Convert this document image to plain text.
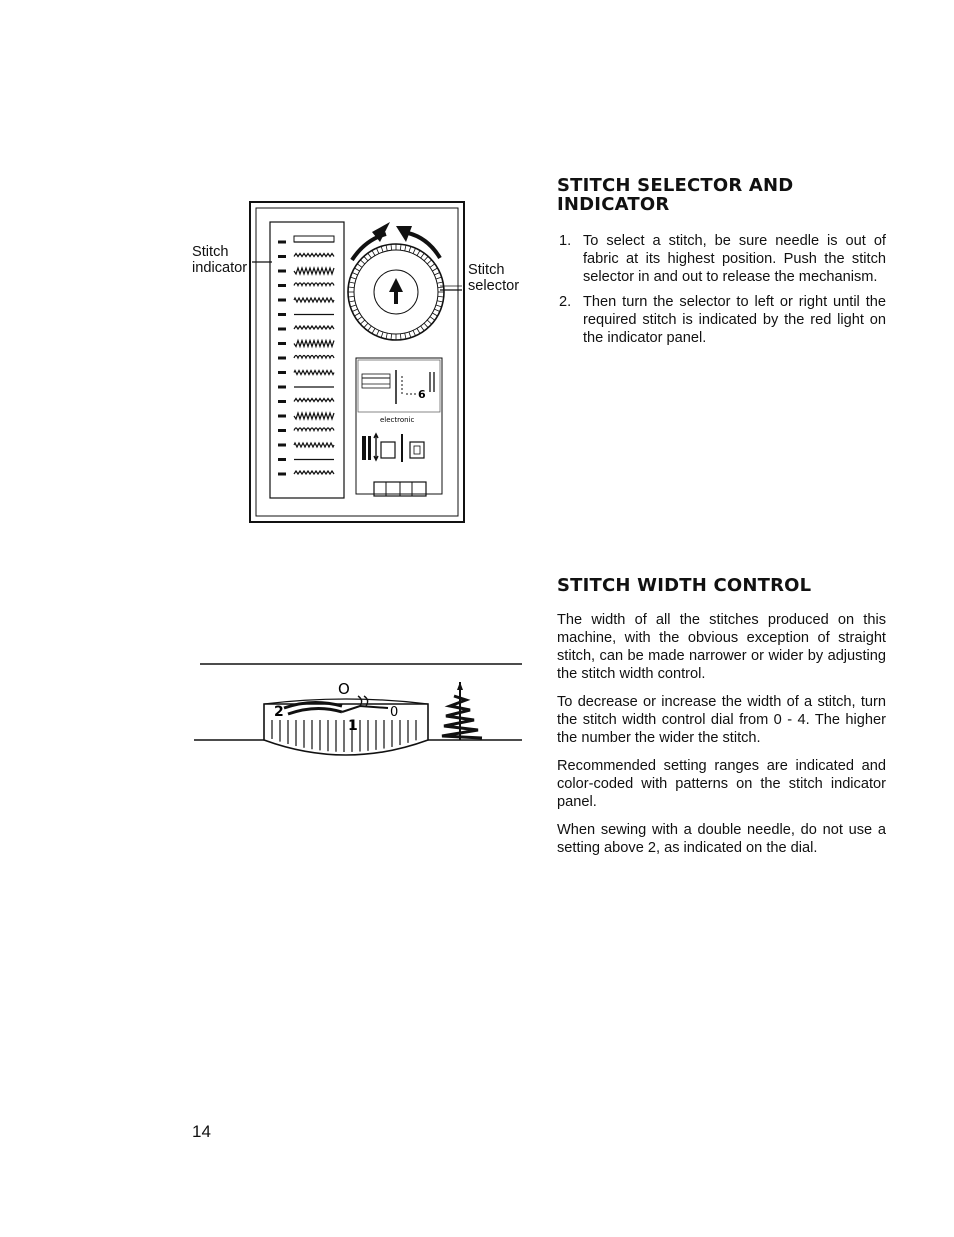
6
electronic
Stitch
indicator	Stitch
selector
STITCH SELECTOR AND
INDICATOR
1. To select a stitch, be sure needle is out of fabric at its highest position. Push the stitch selector in and out to release the mechanism.
2. Then turn the selector to left or right until the required stitch is indicated by the red light on the indicator panel.
O
2
1
0
STITCH WIDTH CONTROL

The width of all the stitches produced on this machine, with the obvious exception of straight stitch, can be made narrower or wider by adjusting the stitch width control.

To decrease or increase the width of a stitch, turn the stitch width control dial from 0 - 4. The higher the number the wider the stitch.

Recommended setting ranges are indicated and color-coded with patterns on the stitch indicator panel.

When sewing with a double needle, do not use a setting above 2, as indicated on the dial.

14
